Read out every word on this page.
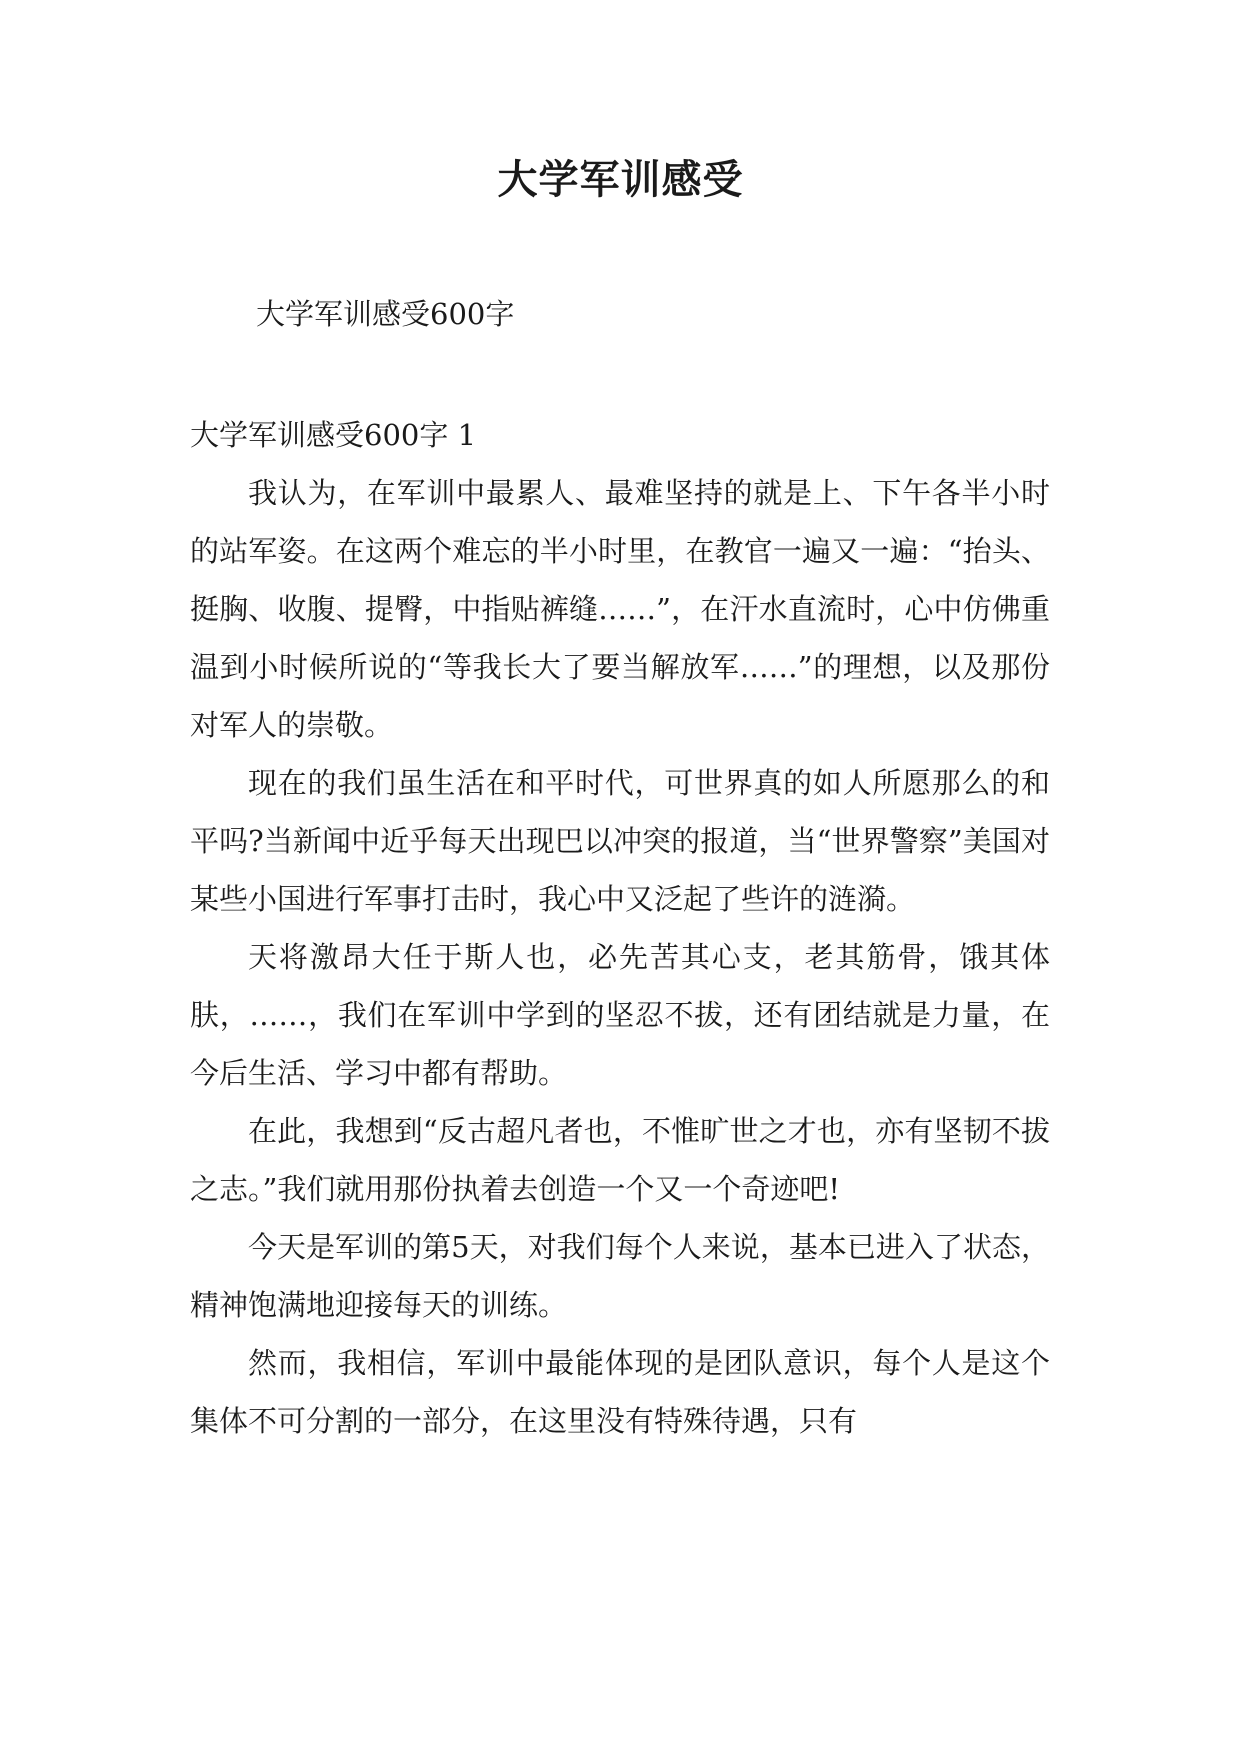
大学军训感受
大学军训感受600字

大学军训感受600字 1

我认为，在军训中最累人、最难坚持的就是上、下午各半小时的站军姿。在这两个难忘的半小时里，在教官一遍又一遍：“抬头、挺胸、收腹、提臀，中指贴裤缝……”，在汗水直流时，心中仿佛重温到小时候所说的“等我长大了要当解放军……”的理想，以及那份对军人的崇敬。

现在的我们虽生活在和平时代，可世界真的如人所愿那么的和平吗?当新闻中近乎每天出现巴以冲突的报道，当“世界警察”美国对某些小国进行军事打击时，我心中又泛起了些许的涟漪。

天将激昂大任于斯人也，必先苦其心支，老其筋骨，饿其体肤，……，我们在军训中学到的坚忍不拔，还有团结就是力量，在今后生活、学习中都有帮助。

在此，我想到“反古超凡者也，不惟旷世之才也，亦有坚韧不拔之志。”我们就用那份执着去创造一个又一个奇迹吧!

今天是军训的第5天，对我们每个人来说，基本已进入了状态，精神饱满地迎接每天的训练。

然而，我相信，军训中最能体现的是团队意识，每个人是这个集体不可分割的一部分，在这里没有特殊待遇，只有
